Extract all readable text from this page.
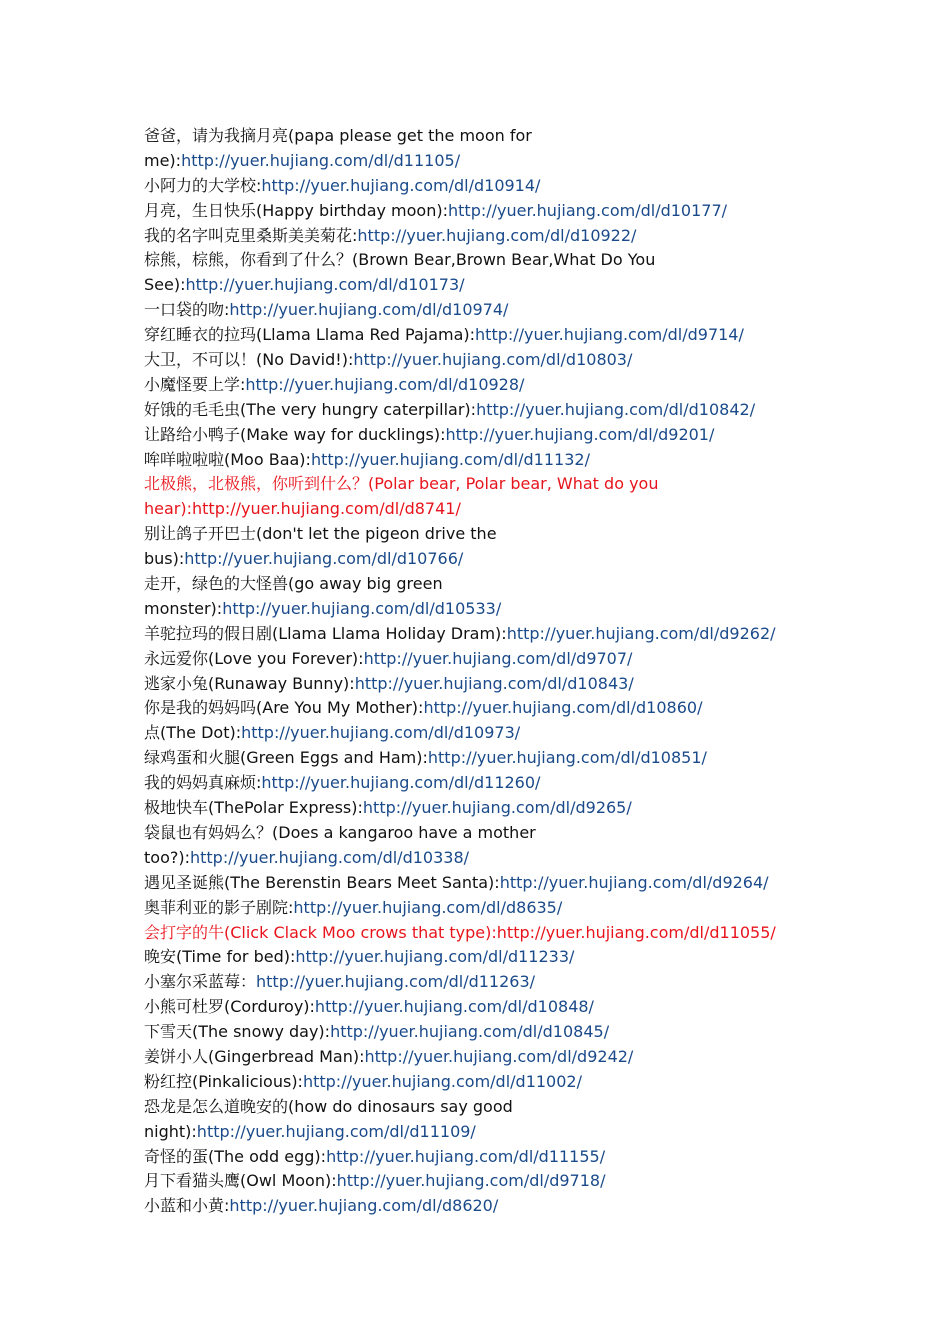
爸爸，请为我摘月亮(papa please get the moon for
me):http://yuer.hujiang.com/dl/d11105/
小阿力的大学校:http://yuer.hujiang.com/dl/d10914/
月亮，生日快乐(Happy birthday moon):http://yuer.hujiang.com/dl/d10177/
我的名字叫克里桑斯美美菊花:http://yuer.hujiang.com/dl/d10922/
棕熊，棕熊，你看到了什么？(Brown Bear,Brown Bear,What Do You
See):http://yuer.hujiang.com/dl/d10173/
一口袋的吻:http://yuer.hujiang.com/dl/d10974/
穿红睡衣的拉玛(Llama Llama Red Pajama):http://yuer.hujiang.com/dl/d9714/
大卫，不可以！(No David!):http://yuer.hujiang.com/dl/d10803/
小魔怪要上学:http://yuer.hujiang.com/dl/d10928/
好饿的毛毛虫(The very hungry caterpillar):http://yuer.hujiang.com/dl/d10842/
让路给小鸭子(Make way for ducklings):http://yuer.hujiang.com/dl/d9201/
哞咩啦啦啦(Moo Baa):http://yuer.hujiang.com/dl/d11132/
北极熊，北极熊，你听到什么？(Polar bear, Polar bear, What do you
hear):http://yuer.hujiang.com/dl/d8741/
别让鸽子开巴士(don't let the pigeon drive the
bus):http://yuer.hujiang.com/dl/d10766/
走开，绿色的大怪兽(go away big green
monster):http://yuer.hujiang.com/dl/d10533/
羊驼拉玛的假日剧(Llama Llama Holiday Dram):http://yuer.hujiang.com/dl/d9262/
永远爱你(Love you Forever):http://yuer.hujiang.com/dl/d9707/
逃家小兔(Runaway Bunny):http://yuer.hujiang.com/dl/d10843/
你是我的妈妈吗(Are You My Mother):http://yuer.hujiang.com/dl/d10860/
点(The Dot):http://yuer.hujiang.com/dl/d10973/
绿鸡蛋和火腿(Green Eggs and Ham):http://yuer.hujiang.com/dl/d10851/
我的妈妈真麻烦:http://yuer.hujiang.com/dl/d11260/
极地快车(ThePolar Express):http://yuer.hujiang.com/dl/d9265/
袋鼠也有妈妈么？(Does a kangaroo have a mother
too?):http://yuer.hujiang.com/dl/d10338/
遇见圣诞熊(The Berenstin Bears Meet Santa):http://yuer.hujiang.com/dl/d9264/
奥菲利亚的影子剧院:http://yuer.hujiang.com/dl/d8635/
会打字的牛(Click Clack Moo crows that type):http://yuer.hujiang.com/dl/d11055/
晚安(Time for bed):http://yuer.hujiang.com/dl/d11233/
小塞尔采蓝莓：http://yuer.hujiang.com/dl/d11263/
小熊可杜罗(Corduroy):http://yuer.hujiang.com/dl/d10848/
下雪天(The snowy day):http://yuer.hujiang.com/dl/d10845/
姜饼小人(Gingerbread Man):http://yuer.hujiang.com/dl/d9242/
粉红控(Pinkalicious):http://yuer.hujiang.com/dl/d11002/
恐龙是怎么道晚安的(how do dinosaurs say good
night):http://yuer.hujiang.com/dl/d11109/
奇怪的蛋(The odd egg):http://yuer.hujiang.com/dl/d11155/
月下看猫头鹰(Owl Moon):http://yuer.hujiang.com/dl/d9718/
小蓝和小黄:http://yuer.hujiang.com/dl/d8620/
